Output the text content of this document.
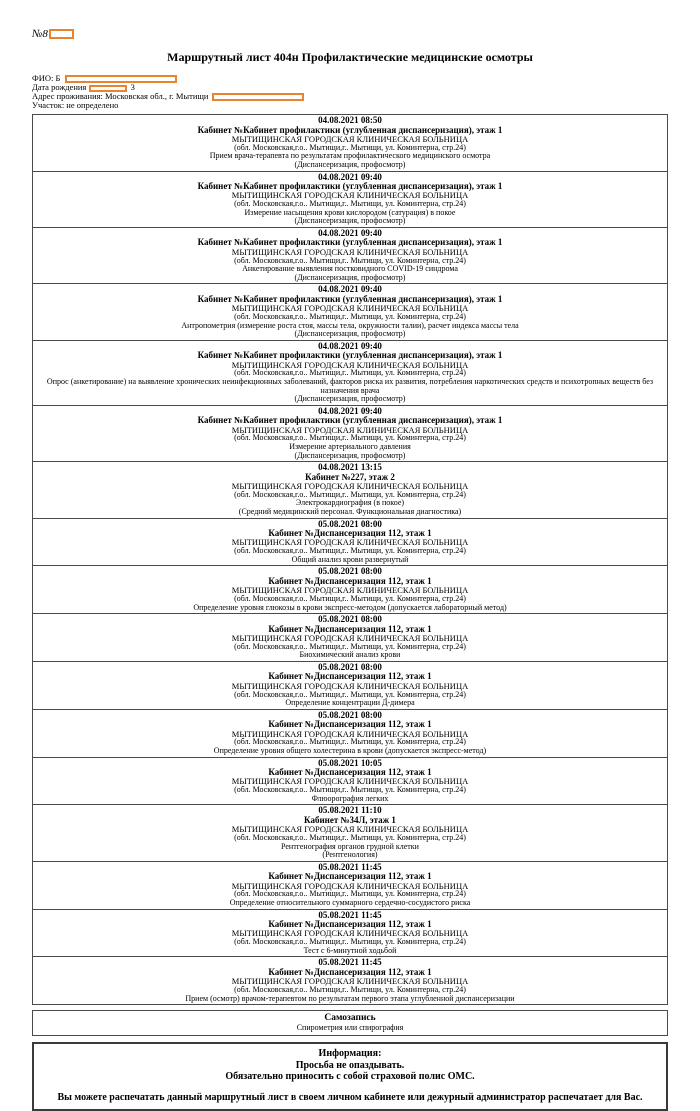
№8
Маршрутный лист 404н Профилактические медицинские осмотры
ФИО: Б
Дата рождения	3
Адрес проживания: Московская обл., г. Мытищи
Участок: не определено
04.08.2021 08:50
Кабинет №Кабинет профилактики (углубленная диспансеризация), этаж 1
МЫТИЩИНСКАЯ ГОРОДСКАЯ КЛИНИЧЕСКАЯ БОЛЬНИЦА
(обл. Московская,г.о.. Мытищи,г.. Мытищи, ул. Коминтерна, стр.24)
Прием врача-терапевта по результатам профилактического медицинского осмотра
(Диспансеризация, профосмотр)
04.08.2021 09:40
Кабинет №Кабинет профилактики (углубленная диспансеризация), этаж 1
МЫТИЩИНСКАЯ ГОРОДСКАЯ КЛИНИЧЕСКАЯ БОЛЬНИЦА
(обл. Московская,г.о.. Мытищи,г.. Мытищи, ул. Коминтерна, стр.24)
Измерение насыщения крови кислородом (сатурация) в покое
(Диспансеризация, профосмотр)
04.08.2021 09:40
Кабинет №Кабинет профилактики (углубленная диспансеризация), этаж 1
МЫТИЩИНСКАЯ ГОРОДСКАЯ КЛИНИЧЕСКАЯ БОЛЬНИЦА
(обл. Московская,г.о.. Мытищи,г.. Мытищи, ул. Коминтерна, стр.24)
Анкетирование выявления постковидного COVID-19 синдрома
(Диспансеризация, профосмотр)
04.08.2021 09:40
Кабинет №Кабинет профилактики (углубленная диспансеризация), этаж 1
МЫТИЩИНСКАЯ ГОРОДСКАЯ КЛИНИЧЕСКАЯ БОЛЬНИЦА
(обл. Московская,г.о.. Мытищи,г.. Мытищи, ул. Коминтерна, стр.24)
Антропометрия (измерение роста стоя, массы тела, окружности талии), расчет индекса массы тела
(Диспансеризация, профосмотр)
04.08.2021 09:40
Кабинет №Кабинет профилактики (углубленная диспансеризация), этаж 1
МЫТИЩИНСКАЯ ГОРОДСКАЯ КЛИНИЧЕСКАЯ БОЛЬНИЦА
(обл. Московская,г.о.. Мытищи,г.. Мытищи, ул. Коминтерна, стр.24)
Опрос (анкетирование) на выявление хронических неинфекционных заболеваний, факторов риска их развития, потребления наркотических средств и психотропных веществ без назначения врача
(Диспансеризация, профосмотр)
04.08.2021 09:40
Кабинет №Кабинет профилактики (углубленная диспансеризация), этаж 1
МЫТИЩИНСКАЯ ГОРОДСКАЯ КЛИНИЧЕСКАЯ БОЛЬНИЦА
(обл. Московская,г.о.. Мытищи,г.. Мытищи, ул. Коминтерна, стр.24)
Измерение артериального давления
(Диспансеризация, профосмотр)
04.08.2021 13:15
Кабинет №227, этаж 2
МЫТИЩИНСКАЯ ГОРОДСКАЯ КЛИНИЧЕСКАЯ БОЛЬНИЦА
(обл. Московская,г.о.. Мытищи,г.. Мытищи, ул. Коминтерна, стр.24)
Электрокардиография (в покое)
(Средний медицинский персонал. Функциональная диагностика)
05.08.2021 08:00
Кабинет №Диспансеризация 112, этаж 1
МЫТИЩИНСКАЯ ГОРОДСКАЯ КЛИНИЧЕСКАЯ БОЛЬНИЦА
(обл. Московская,г.о.. Мытищи,г.. Мытищи, ул. Коминтерна, стр.24)
Общий анализ крови развернутый
05.08.2021 08:00
Кабинет №Диспансеризация 112, этаж 1
МЫТИЩИНСКАЯ ГОРОДСКАЯ КЛИНИЧЕСКАЯ БОЛЬНИЦА
(обл. Московская,г.о.. Мытищи,г.. Мытищи, ул. Коминтерна, стр.24)
Определение уровня глюкозы в крови экспресс-методом (допускается лабораторный метод)
05.08.2021 08:00
Кабинет №Диспансеризация 112, этаж 1
МЫТИЩИНСКАЯ ГОРОДСКАЯ КЛИНИЧЕСКАЯ БОЛЬНИЦА
(обл. Московская,г.о.. Мытищи,г.. Мытищи, ул. Коминтерна, стр.24)
Биохимический анализ крови
05.08.2021 08:00
Кабинет №Диспансеризация 112, этаж 1
МЫТИЩИНСКАЯ ГОРОДСКАЯ КЛИНИЧЕСКАЯ БОЛЬНИЦА
(обл. Московская,г.о.. Мытищи,г.. Мытищи, ул. Коминтерна, стр.24)
Определение концентрации Д-димера
05.08.2021 08:00
Кабинет №Диспансеризация 112, этаж 1
МЫТИЩИНСКАЯ ГОРОДСКАЯ КЛИНИЧЕСКАЯ БОЛЬНИЦА
(обл. Московская,г.о.. Мытищи,г.. Мытищи, ул. Коминтерна, стр.24)
Определение уровня общего холестерина в крови (допускается экспресс-метод)
05.08.2021 10:05
Кабинет №Диспансеризация 112, этаж 1
МЫТИЩИНСКАЯ ГОРОДСКАЯ КЛИНИЧЕСКАЯ БОЛЬНИЦА
(обл. Московская,г.о.. Мытищи,г.. Мытищи, ул. Коминтерна, стр.24)
Флюорография легких
05.08.2021 11:10
Кабинет №34Л, этаж 1
МЫТИЩИНСКАЯ ГОРОДСКАЯ КЛИНИЧЕСКАЯ БОЛЬНИЦА
(обл. Московская,г.о.. Мытищи,г.. Мытищи, ул. Коминтерна, стр.24)
Рентгенография органов грудной клетки
(Рентгенология)
05.08.2021 11:45
Кабинет №Диспансеризация 112, этаж 1
МЫТИЩИНСКАЯ ГОРОДСКАЯ КЛИНИЧЕСКАЯ БОЛЬНИЦА
(обл. Московская,г.о.. Мытищи,г.. Мытищи, ул. Коминтерна, стр.24)
Определение относительного суммарного сердечно-сосудистого риска
05.08.2021 11:45
Кабинет №Диспансеризация 112, этаж 1
МЫТИЩИНСКАЯ ГОРОДСКАЯ КЛИНИЧЕСКАЯ БОЛЬНИЦА
(обл. Московская,г.о.. Мытищи,г.. Мытищи, ул. Коминтерна, стр.24)
Тест с 6-минутной ходьбой
05.08.2021 11:45
Кабинет №Диспансеризация 112, этаж 1
МЫТИЩИНСКАЯ ГОРОДСКАЯ КЛИНИЧЕСКАЯ БОЛЬНИЦА
(обл. Московская,г.о.. Мытищи,г.. Мытищи, ул. Коминтерна, стр.24)
Прием (осмотр) врачом-терапевтом по результатам первого этапа углубленной диспансеризации
Самозапись
Спирометрия или спирография
Информация:
Просьба не опаздывать.
Обязательно приносить с собой страховой полис ОМС.
Вы можете распечатать данный маршрутный лист в своем личном кабинете или дежурный администратор распечатает для Вас.
